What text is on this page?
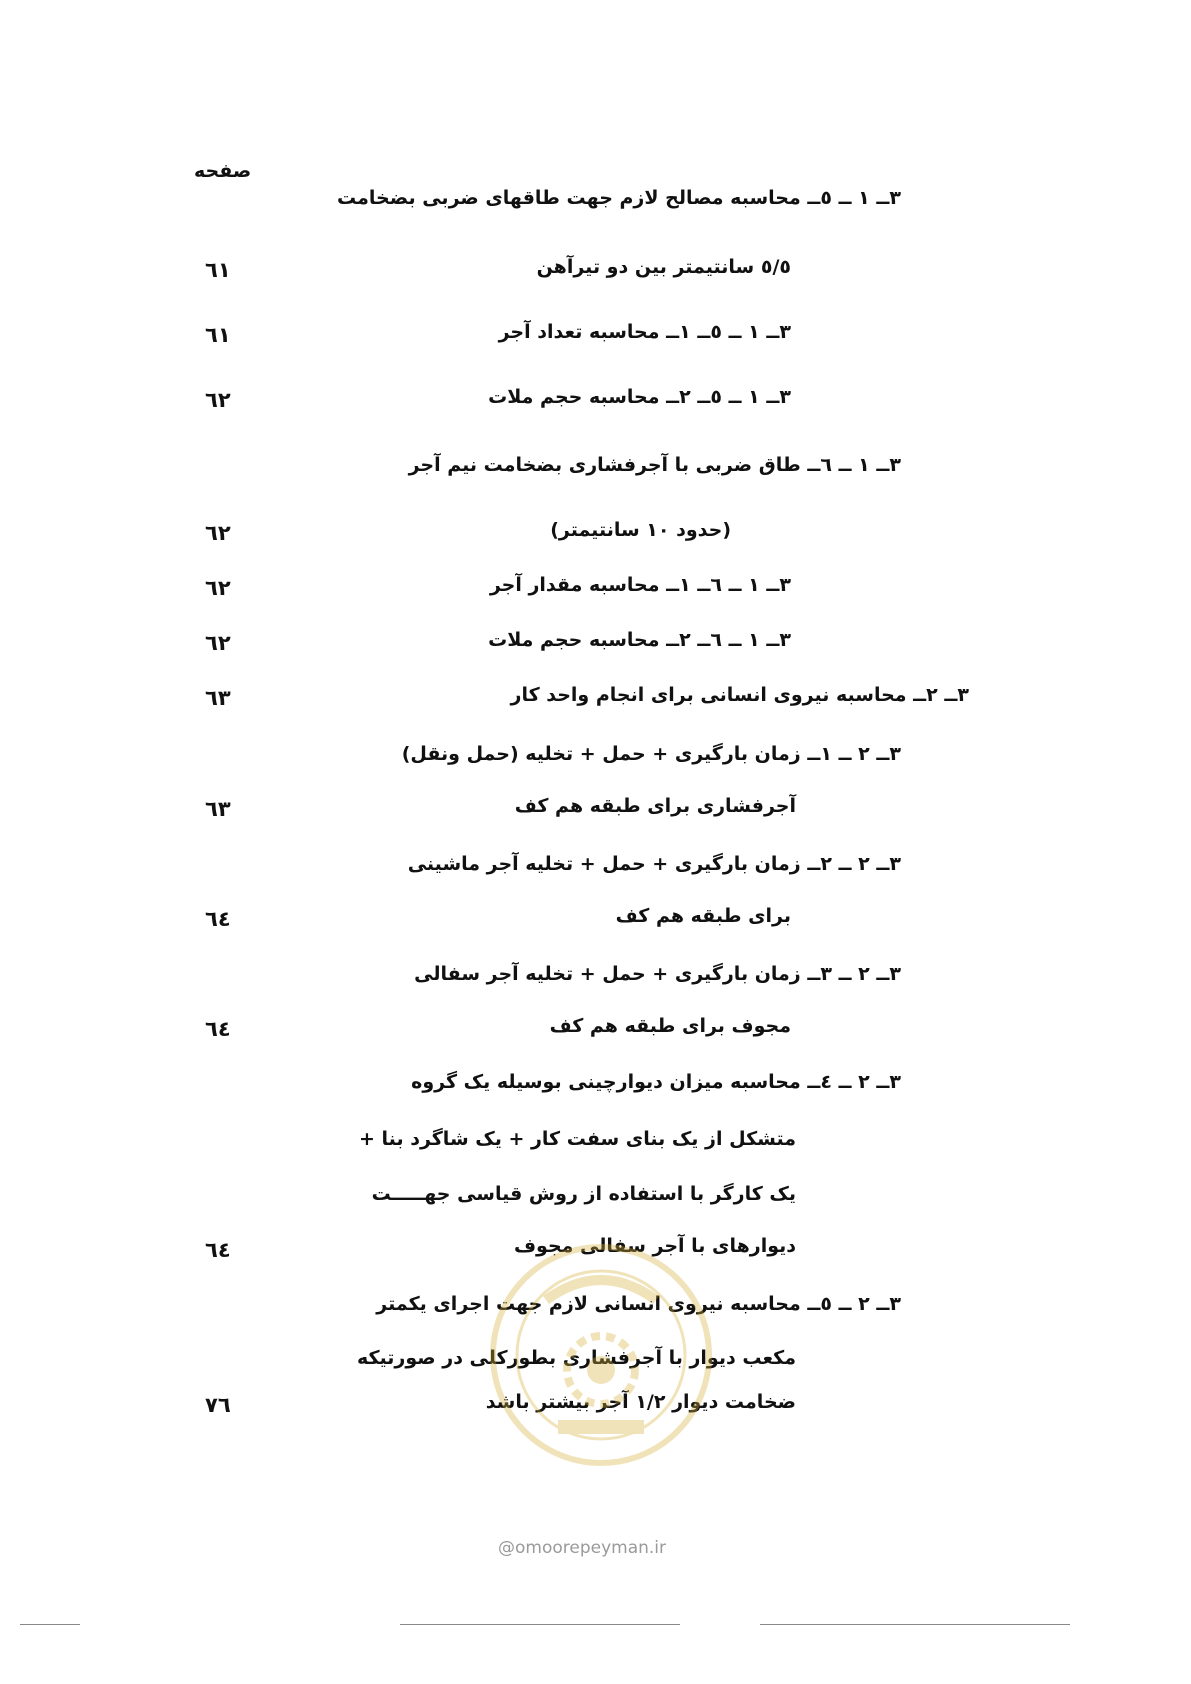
صفحه
۳ــ ۱ ــ ٥ــ محاسبه مصالح لازم جهت طاقهای ضربی بضخامت
٥/٥ سانتیمتر بین دو تیرآهن
٦١
۳ــ ۱ ــ ٥ــ ۱ــ محاسبه تعداد آجر
٦١
۳ــ ۱ ــ ٥ــ ۲ــ محاسبه حجم ملات
٦٢
۳ــ ۱ ــ ٦ــ طاق ضربی با آجرفشاری بضخامت نیم آجر
(حدود ۱۰ سانتیمتر)
٦٢
۳ــ ۱ ــ ٦ــ ۱ــ محاسبه مقدار آجر
٦٢
۳ــ ۱ ــ ٦ــ ۲ــ محاسبه حجم ملات
٦٢
۳ــ ۲ــ محاسبه نیروی انسانی برای انجام واحد کار
٦٣
۳ــ ۲ ــ ۱ــ زمان بارگیری + حمل + تخلیه (حمل ونقل)
آجرفشاری برای طبقه هم کف
٦٣
۳ــ ۲ ــ ۲ــ زمان بارگیری + حمل + تخلیه آجر ماشینی
برای طبقه هم کف
٦٤
۳ــ ۲ ــ ۳ــ زمان بارگیری + حمل + تخلیه آجر سفالی
مجوف برای طبقه هم کف
٦٤
۳ــ ۲ ــ ٤ــ محاسبه میزان دیوارچینی بوسیله یک گروه
متشکل از یک بنای سفت کار + یک شاگرد بنا +
یک کارگر با استفاده از روش قیاسی جهـــــت
دیوارهای با آجر سفالی مجوف
٦٤
۳ــ ۲ ــ ٥ــ محاسبه نیروی انسانی لازم جهت اجرای یکمتر
مکعب دیوار با آجرفشاری بطورکلی در صورتیکه
ضخامت دیوار ۱/۲ آجر بیشتر باشد
٧٦
@omoorepeyman.ir
